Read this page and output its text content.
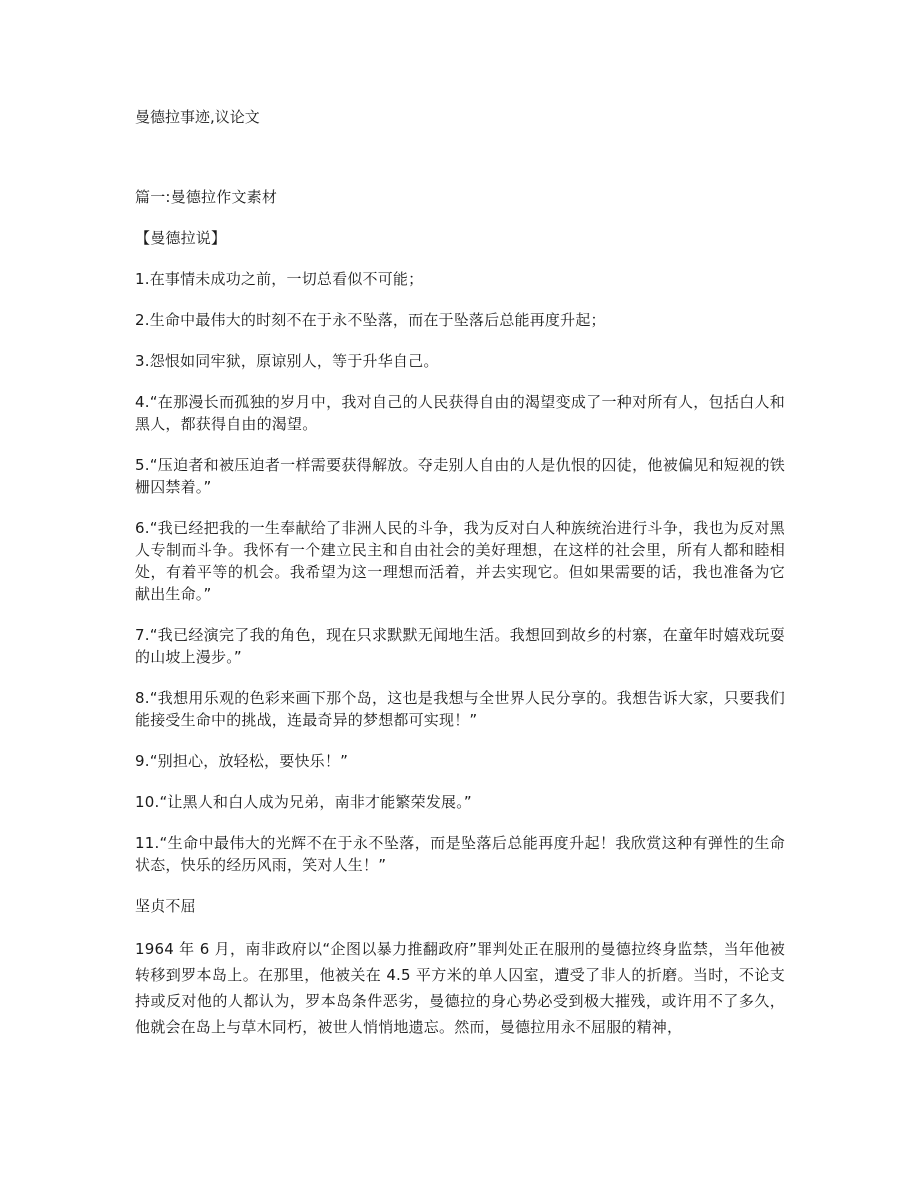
曼德拉事迹,议论文

篇一:曼德拉作文素材

【曼德拉说】

1.在事情未成功之前，一切总看似不可能；

2.生命中最伟大的时刻不在于永不坠落，而在于坠落后总能再度升起；

3.怨恨如同牢狱，原谅别人，等于升华自己。

4.“在那漫长而孤独的岁月中，我对自己的人民获得自由的渴望变成了一种对所有人，包括白人和黑人，都获得自由的渴望。

5.“压迫者和被压迫者一样需要获得解放。夺走别人自由的人是仇恨的囚徒，他被偏见和短视的铁栅囚禁着。”

6.“我已经把我的一生奉献给了非洲人民的斗争，我为反对白人种族统治进行斗争，我也为反对黑人专制而斗争。我怀有一个建立民主和自由社会的美好理想，在这样的社会里，所有人都和睦相处，有着平等的机会。我希望为这一理想而活着，并去实现它。但如果需要的话，我也准备为它献出生命。”

7.“我已经演完了我的角色，现在只求默默无闻地生活。我想回到故乡的村寨，在童年时嬉戏玩耍的山坡上漫步。”

8.“我想用乐观的色彩来画下那个岛，这也是我想与全世界人民分享的。我想告诉大家，只要我们能接受生命中的挑战，连最奇异的梦想都可实现！”

9.“别担心，放轻松，要快乐！”

10.“让黑人和白人成为兄弟，南非才能繁荣发展。”

11.“生命中最伟大的光辉不在于永不坠落，而是坠落后总能再度升起！我欣赏这种有弹性的生命状态，快乐的经历风雨，笑对人生！”

坚贞不屈

1964 年 6 月，南非政府以“企图以暴力推翻政府”罪判处正在服刑的曼德拉终身监禁，当年他被转移到罗本岛上。在那里，他被关在 4.5 平方米的单人囚室，遭受了非人的折磨。当时，不论支持或反对他的人都认为，罗本岛条件恶劣，曼德拉的身心势必受到极大摧残，或许用不了多久，他就会在岛上与草木同朽，被世人悄悄地遗忘。然而，曼德拉用永不屈服的精神，
